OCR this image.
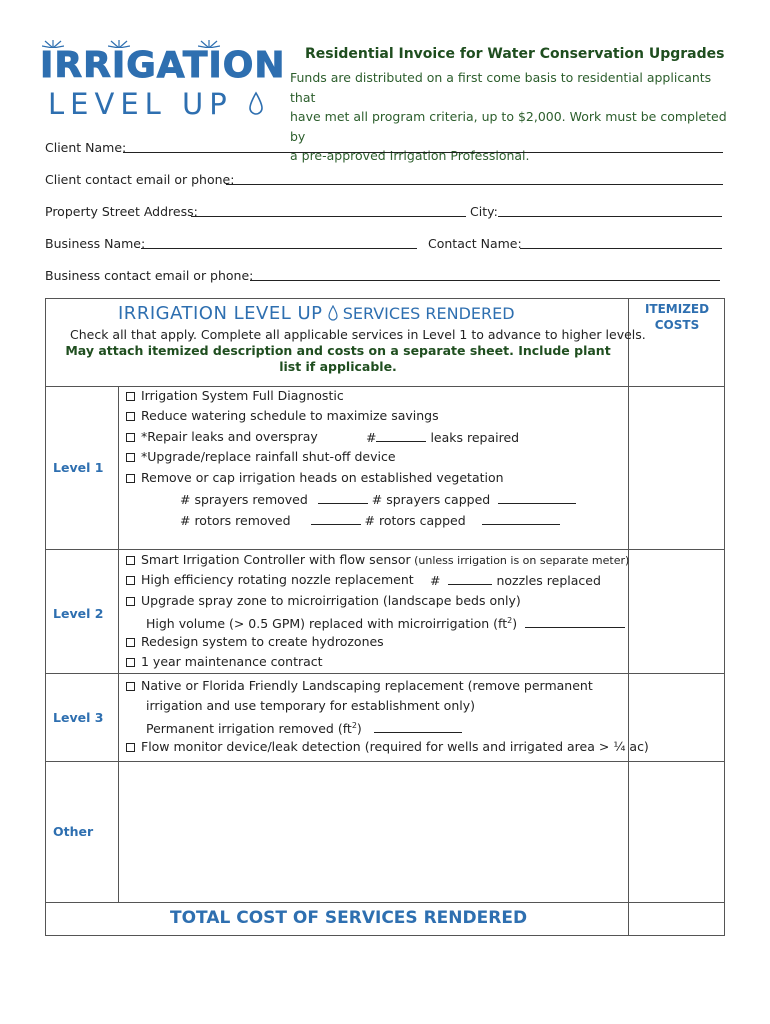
IRRIGATION
LEVEL UP
Residential Invoice for Water Conservation Upgrades
Funds are distributed on a first come basis to residential applicants that
have met all program criteria, up to $2,000. Work must be completed by
a pre-approved Irrigation Professional.
Client Name:
Client contact email or phone:
Property Street Address:	City:
Business Name:	Contact Name:
Business contact email or phone:
IRRIGATION LEVEL UP  SERVICES RENDERED
Check all that apply. Complete all applicable services in Level 1 to advance to higher levels.
May attach itemized description and costs on a separate sheet. Include plant list if applicable.
ITEMIZED
COSTS
Level 1
Irrigation System Full Diagnostic
Reduce watering schedule to maximize savings
*Repair leaks and overspray	#	leaks repaired
*Upgrade/replace rainfall shut-off device
Remove or cap irrigation heads on established vegetation
# sprayers removed	# sprayers capped
# rotors removed	# rotors capped
Level 2
Smart Irrigation Controller with flow sensor (unless irrigation is on separate meter)
High efficiency rotating nozzle replacement #	nozzles replaced
Upgrade spray zone to microirrigation (landscape beds only)
High volume (> 0.5 GPM) replaced with microirrigation $(ft^2)$
Redesign system to create hydrozones
1 year maintenance contract
Level 3
Native or Florida Friendly Landscaping replacement (remove permanent
irrigation and use temporary for establishment only)
Permanent irrigation removed $(ft^2)$
Flow monitor device/leak detection (required for wells and irrigated area > ¼ ac)
Other
TOTAL COST OF SERVICES RENDERED
